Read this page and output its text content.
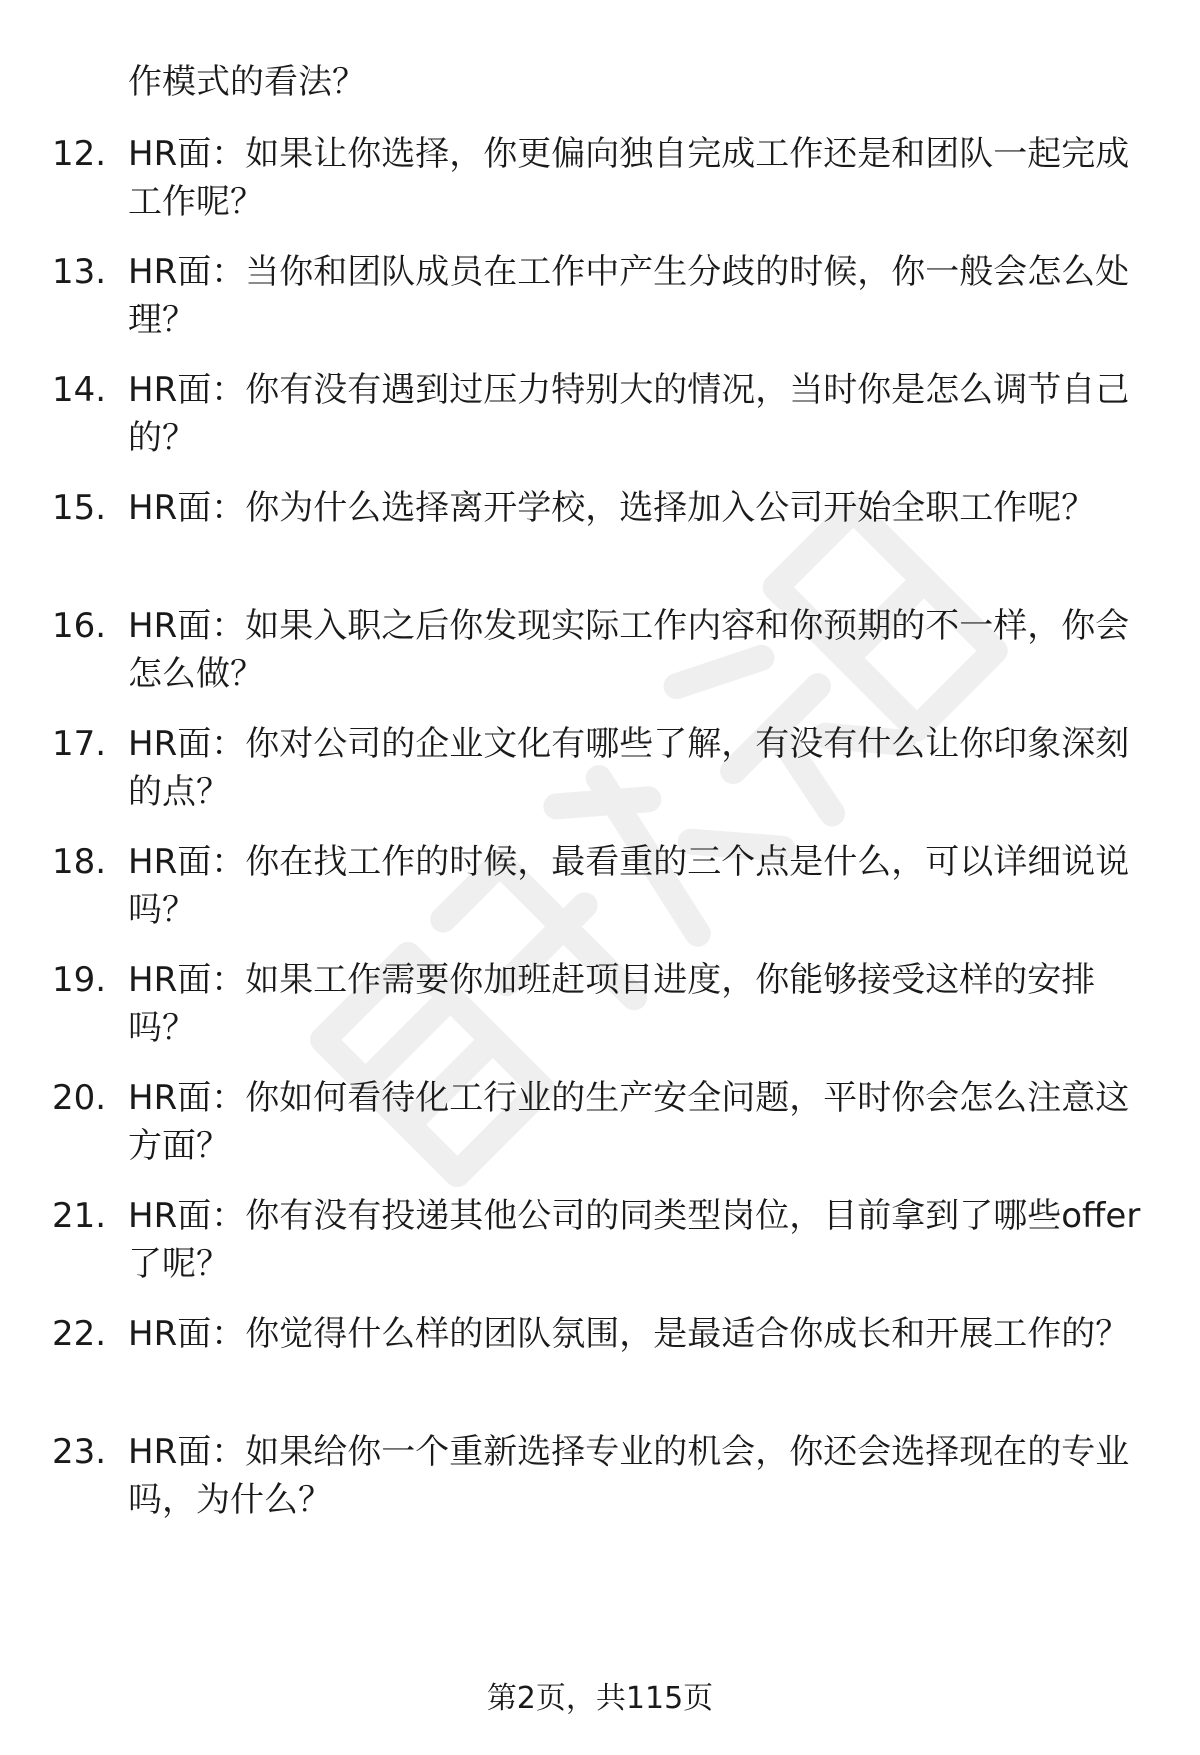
作模式的看法？
12. HR面：如果让你选择，你更偏向独自完成工作还是和团队一起完成工作呢？
13. HR面：当你和团队成员在工作中产生分歧的时候，你一般会怎么处理？
14. HR面：你有没有遇到过压力特别大的情况，当时你是怎么调节自己的？
15. HR面：你为什么选择离开学校，选择加入公司开始全职工作呢？
16. HR面：如果入职之后你发现实际工作内容和你预期的不一样，你会怎么做？
17. HR面：你对公司的企业文化有哪些了解，有没有什么让你印象深刻的点？
18. HR面：你在找工作的时候，最看重的三个点是什么，可以详细说说吗？
19. HR面：如果工作需要你加班赶项目进度，你能够接受这样的安排吗？
20. HR面：你如何看待化工行业的生产安全问题，平时你会怎么注意这方面？
21. HR面：你有没有投递其他公司的同类型岗位，目前拿到了哪些offer了呢？
22. HR面：你觉得什么样的团队氛围，是最适合你成长和开展工作的？
23. HR面：如果给你一个重新选择专业的机会，你还会选择现在的专业吗，为什么？
第2页，共115页
